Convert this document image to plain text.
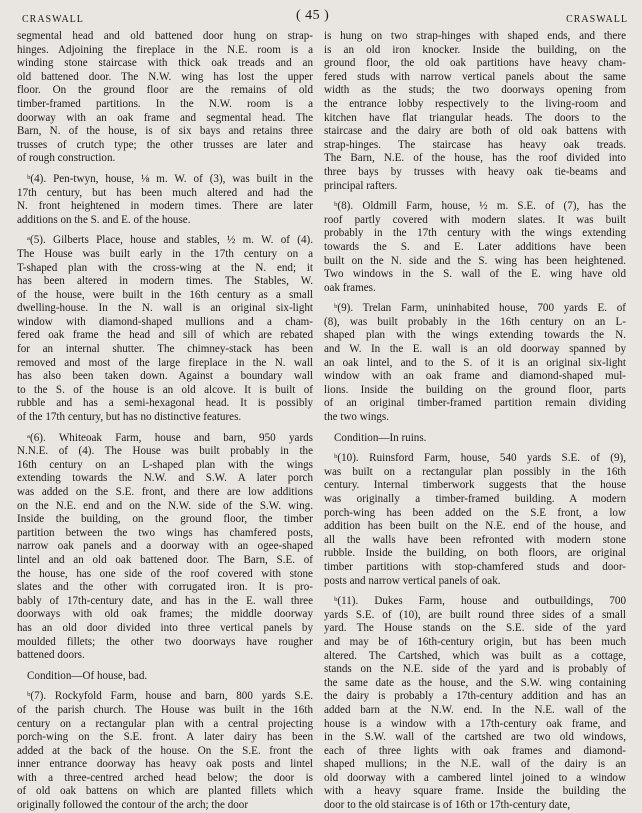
CRASWALL	( 45 )	CRASWALL
segmental head and old battened door hung on strap-
hinges. Adjoining the fireplace in the N.E. room is a
winding stone staircase with thick oak treads and an
old battened door. The N.W. wing has lost the upper
floor. On the ground floor are the remains of old
timber-framed partitions. In the N.W. room is a
doorway with an oak frame and segmental head. The
Barn, N. of the house, is of six bays and retains three
trusses of crutch type; the other trusses are later and
of rough construction.
ᵇ(4). Pen-twyn, house, ⅛ m. W. of (3), was built in the
17th century, but has been much altered and had the
N. front heightened in modern times. There are later
additions on the S. and E. of the house.
ᵃ(5). Gilberts Place, house and stables, ½ m. W. of (4).
The House was built early in the 17th century on a
T-shaped plan with the cross-wing at the N. end; it
has been altered in modern times. The Stables, W.
of the house, were built in the 16th century as a small
dwelling-house. In the N. wall is an original six-light
window with diamond-shaped mullions and a cham-
fered oak frame the head and sill of which are rebated
for an internal shutter. The chimney-stack has been
removed and most of the large fireplace in the N. wall
has also been taken down. Against a boundary wall
to the S. of the house is an old alcove. It is built of
rubble and has a semi-hexagonal head. It is possibly
of the 17th century, but has no distinctive features.
ᵃ(6). Whiteoak Farm, house and barn, 950 yards
N.N.E. of (4). The House was built probably in the
16th century on an L-shaped plan with the wings
extending towards the N.W. and S.W. A later porch
was added on the S.E. front, and there are low additions
on the N.E. end and on the N.W. side of the S.W. wing.
Inside the building, on the ground floor, the timber
partition between the two wings has chamfered posts,
narrow oak panels and a doorway with an ogee-shaped
lintel and an old oak battened door. The Barn, S.E. of
the house, has one side of the roof covered with stone
slates and the other with corrugated iron. It is pro-
bably of 17th-century date, and has in the E. wall three
doorways with old oak frames; the middle doorway
has an old door divided into three vertical panels by
moulded fillets; the other two doorways have rougher
battened doors.
Condition—Of house, bad.
ᵇ(7). Rockyfold Farm, house and barn, 800 yards S.E.
of the parish church. The House was built in the 16th
century on a rectangular plan with a central projecting
porch-wing on the S.E. front. A later dairy has been
added at the back of the house. On the S.E. front the
inner entrance doorway has heavy oak posts and lintel
with a three-centred arched head below; the door is
of old oak battens on which are planted fillets which
originally followed the contour of the arch; the door
is hung on two strap-hinges with shaped ends, and there
is an old iron knocker. Inside the building, on the
ground floor, the old oak partitions have heavy cham-
fered studs with narrow vertical panels about the same
width as the studs; the two doorways opening from
the entrance lobby respectively to the living-room and
kitchen have flat triangular heads. The doors to the
staircase and the dairy are both of old oak battens with
strap-hinges. The staircase has heavy oak treads.
The Barn, N.E. of the house, has the roof divided into
three bays by trusses with heavy oak tie-beams and
principal rafters.
ᵇ(8). Oldmill Farm, house, ½ m. S.E. of (7), has the
roof partly covered with modern slates. It was built
probably in the 17th century with the wings extending
towards the S. and E. Later additions have been
built on the N. side and the S. wing has been heightened.
Two windows in the S. wall of the E. wing have old
oak frames.
ᵇ(9). Trelan Farm, uninhabited house, 700 yards E. of
(8), was built probably in the 16th century on an L-
shaped plan with the wings extending towards the N.
and W. In the E. wall is an old doorway spanned by
an oak lintel, and to the S. of it is an original six-light
window with an oak frame and diamond-shaped mul-
lions. Inside the building on the ground floor, parts
of an original timber-framed partition remain dividing
the two wings.
Condition—In ruins.
ᵇ(10). Ruinsford Farm, house, 540 yards S.E. of (9),
was built on a rectangular plan possibly in the 16th
century. Internal timberwork suggests that the house
was originally a timber-framed building. A modern
porch-wing has been added on the S.E front, a low
addition has been built on the N.E. end of the house, and
all the walls have been refronted with modern stone
rubble. Inside the building, on both floors, are original
timber partitions with stop-chamfered studs and door-
posts and narrow vertical panels of oak.
ᵇ(11). Dukes Farm, house and outbuildings, 700
yards S.E. of (10), are built round three sides of a small
yard. The House stands on the S.E. side of the yard
and may be of 16th-century origin, but has been much
altered. The Cartshed, which was built as a cottage,
stands on the N.E. side of the yard and is probably of
the same date as the house, and the S.W. wing containing
the dairy is probably a 17th-century addition and has an
added barn at the N.W. end. In the N.E. wall of the
house is a window with a 17th-century oak frame, and
in the S.W. wall of the cartshed are two old windows,
each of three lights with oak frames and diamond-
shaped mullions; in the N.E. wall of the dairy is an
old doorway with a cambered lintel joined to a window
with a heavy square frame. Inside the building the
door to the old staircase is of 16th or 17th-century date,
